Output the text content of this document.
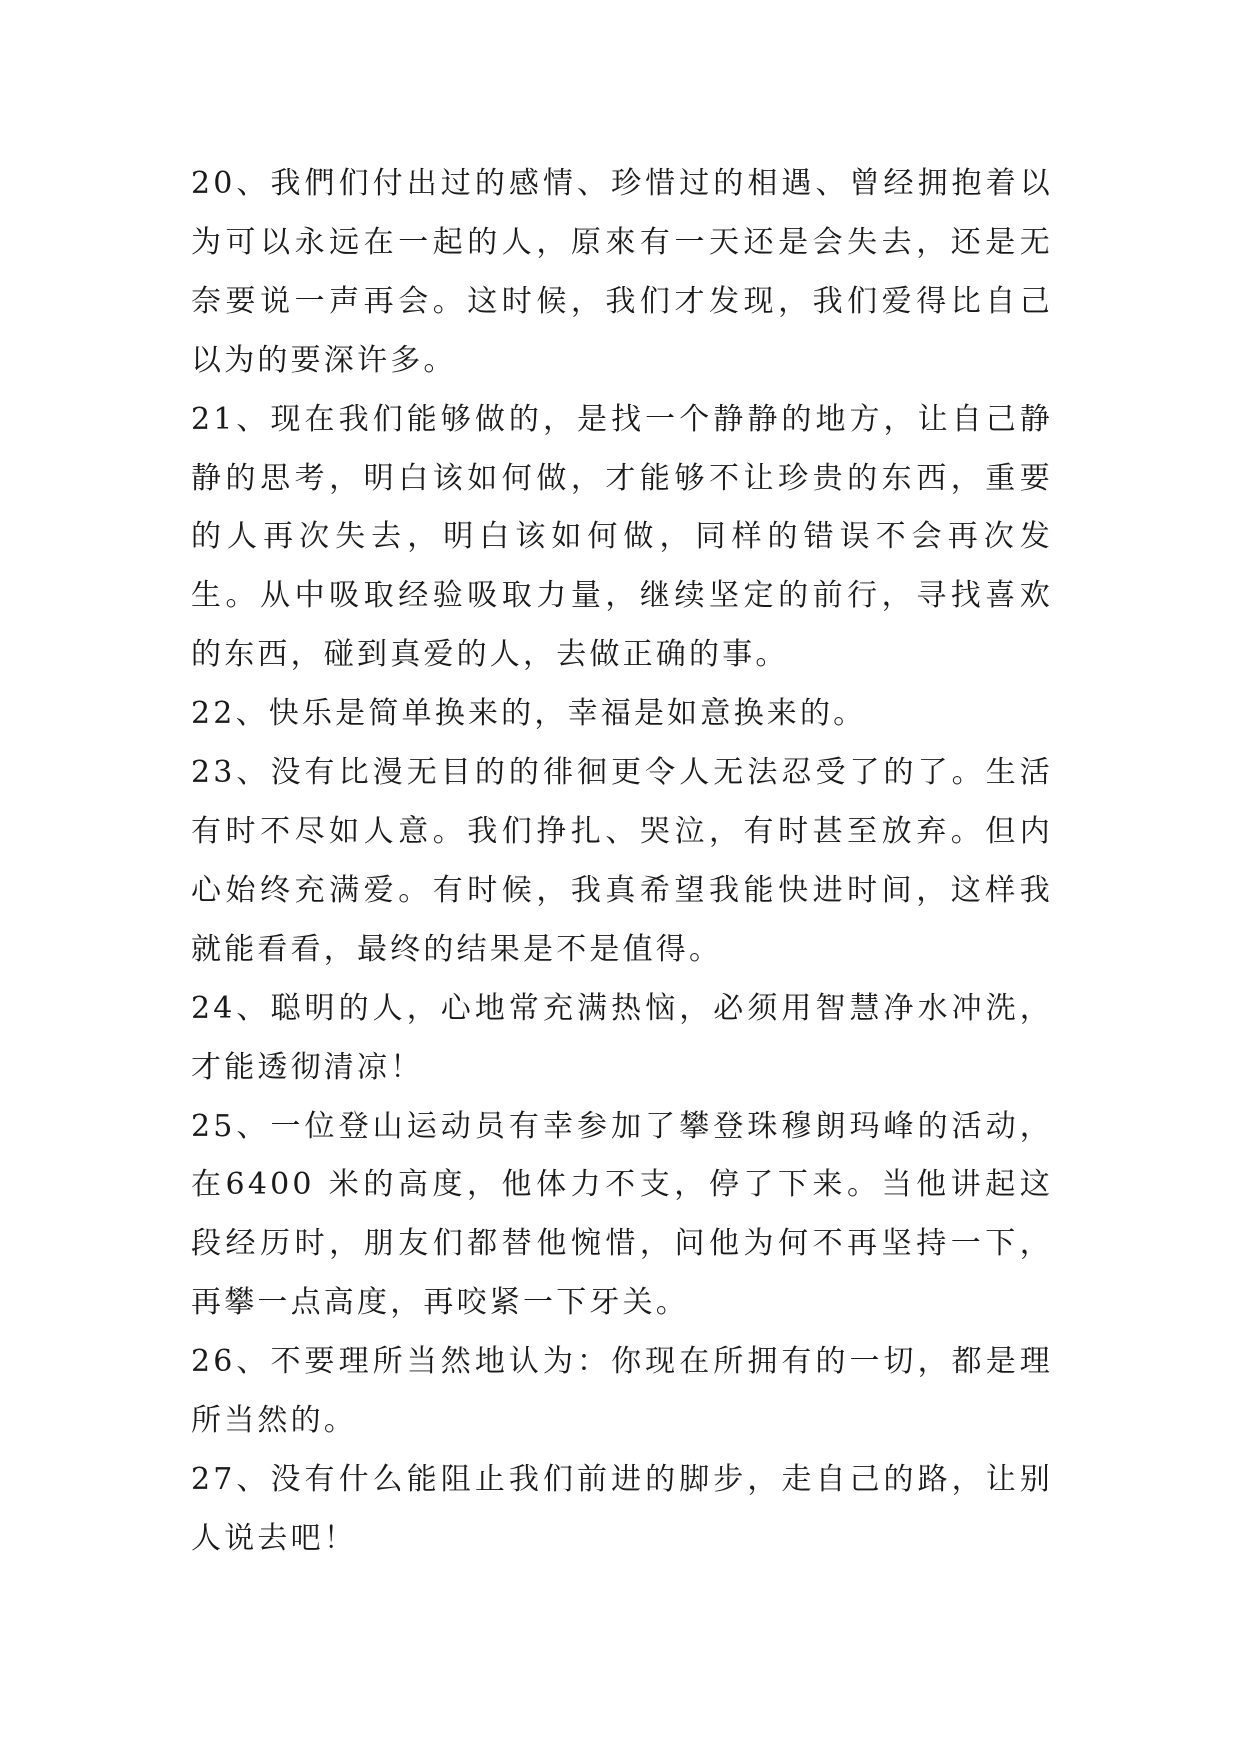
20、我們们付出过的感情、珍惜过的相遇、曾经拥抱着以为可以永远在一起的人，原來有一天还是会失去，还是无奈要说一声再会。这时候，我们才发现，我们爱得比自己以为的要深许多。

21、现在我们能够做的，是找一个静静的地方，让自己静静的思考，明白该如何做，才能够不让珍贵的东西，重要的人再次失去，明白该如何做，同样的错误不会再次发生。从中吸取经验吸取力量，继续坚定的前行，寻找喜欢的东西，碰到真爱的人，去做正确的事。

22、快乐是简单换来的，幸福是如意换来的。

23、没有比漫无目的的徘徊更令人无法忍受了的了。生活有时不尽如人意。我们挣扎、哭泣，有时甚至放弃。但内心始终充满爱。有时候，我真希望我能快进时间，这样我就能看看，最终的结果是不是值得。

24、聪明的人，心地常充满热恼，必须用智慧净水冲洗，才能透彻清凉！

25、一位登山运动员有幸参加了攀登珠穆朗玛峰的活动，在6400 米的高度，他体力不支，停了下来。当他讲起这段经历时，朋友们都替他惋惜，问他为何不再坚持一下，再攀一点高度，再咬紧一下牙关。

26、不要理所当然地认为：你现在所拥有的一切，都是理所当然的。

27、没有什么能阻止我们前进的脚步，走自己的路，让别人说去吧！
